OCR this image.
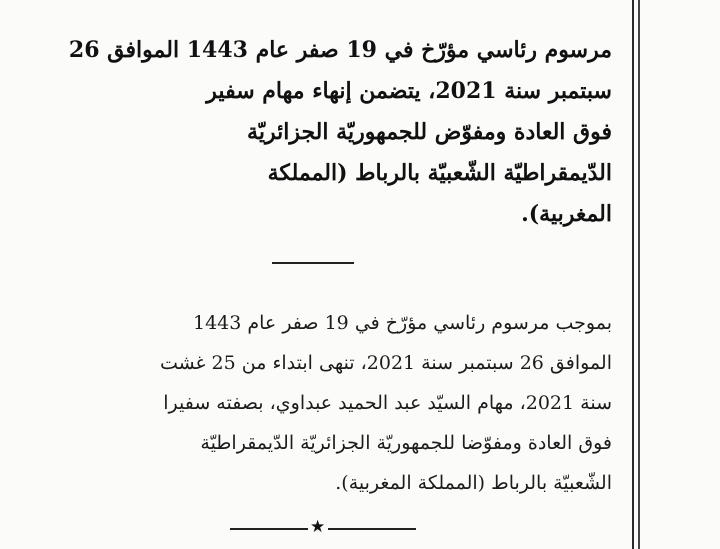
مرسوم رئاسي مؤرّخ في 19 صفر عام 1443 الموافق 26
سبتمبر سنة 2021، يتضمن إنهاء مهام سفير
فوق العادة ومفوّض للجمهوريّة الجزائريّة
الدّيمقراطيّة الشّعبيّة بالرباط (المملكة
المغربية).
بموجب مرسوم رئاسي مؤرّخ في 19 صفر عام 1443
الموافق 26 سبتمبر سنة 2021، تنهى ابتداء من 25 غشت
سنة 2021، مهام السيّد عبد الحميد عبداوي، بصفته سفيرا
فوق العادة ومفوّضا للجمهوريّة الجزائريّة الدّيمقراطيّة
الشّعبيّة بالرباط (المملكة المغربية).
★
